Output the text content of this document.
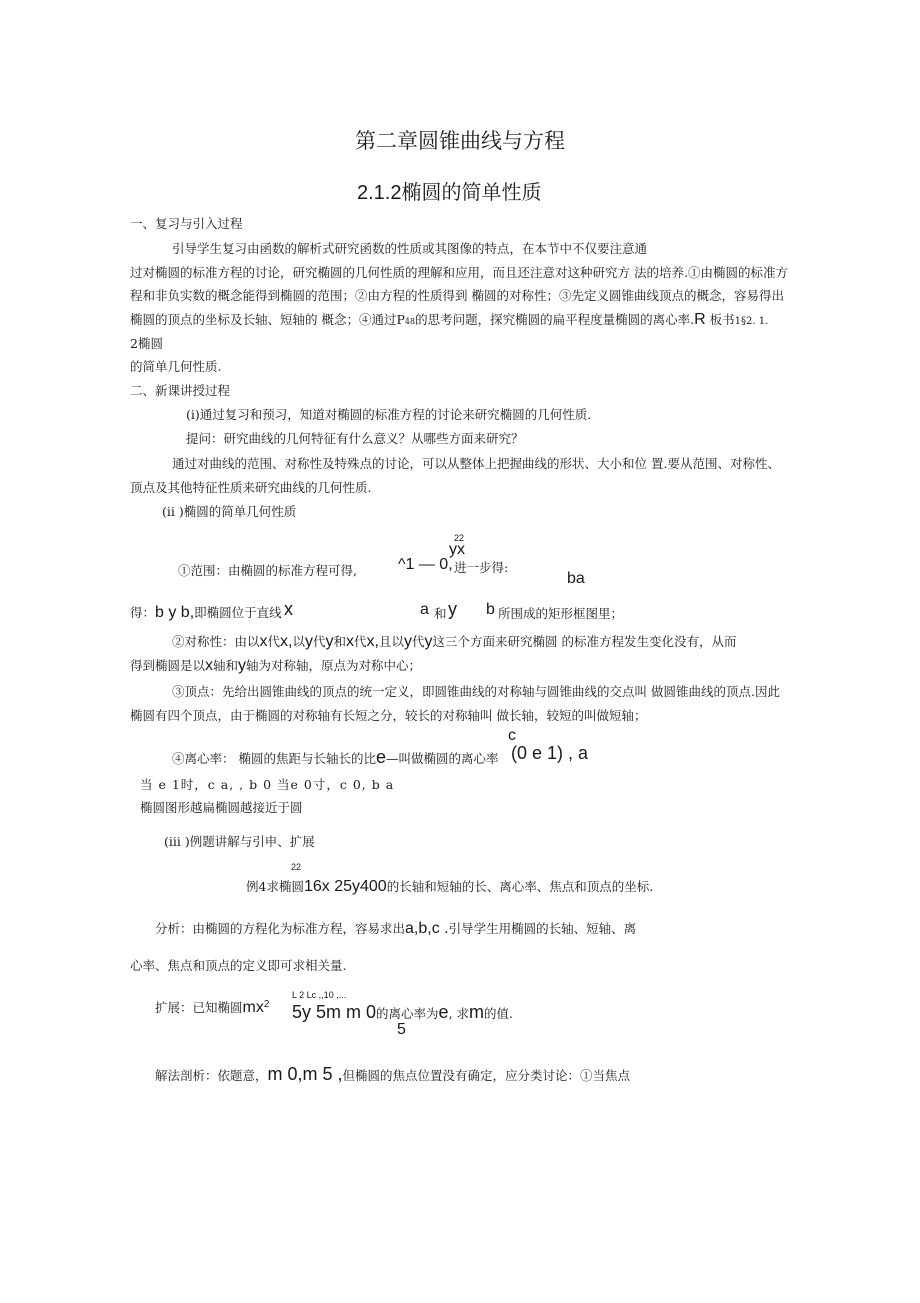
第二章圆锥曲线与方程
2.1.2椭圆的简单性质
一、复习与引入过程
引导学生复习由函数的解析式研究函数的性质或其图像的特点，在本节中不仅要注意通
过对椭圆的标准方程的讨论，研究椭圆的几何性质的理解和应用，而且还注意对这种研究方 法的培养.①由椭圆的标准方
程和非负实数的概念能得到椭圆的范围；②由方程的性质得到 椭圆的对称性；③先定义圆锥曲线顶点的概念，容易得出
椭圆的顶点的坐标及长轴、短轴的 概念；④通过P48的思考问题，探究椭圆的扁平程度量椭圆的离心率.R 板书1§2. 1.
2椭圆
的简单几何性质.
二、新课讲授过程
(i)通过复习和预习，知道对椭圆的标准方程的讨论来研究椭圆的几何性质.
提问：研究曲线的几何特征有什么意义？从哪些方面来研究？
通过对曲线的范围、对称性及特殊点的讨论，可以从整体上把握曲线的形状、大小和位 置.要从范围、对称性、
顶点及其他特征性质来研究曲线的几何性质.
(ii )椭圆的简单几何性质
22
yx
①范围：由椭圆的标准方程可得,	^1 — 0, 进一步得:
ba
得：b y b,即椭圆位于直线 x	a 和 y b 所围成的矩形框图里；
②对称性：由以x代x,以y代y和x代x,且以y代y这三个方面来研究椭圆 的标准方程发生变化没有，从而
得到椭圆是以x轴和y轴为对称轴，原点为对称中心；
③顶点：先给出圆锥曲线的顶点的统一定义，即圆锥曲线的对称轴与圆锥曲线的交点叫 做圆锥曲线的顶点.因此
椭圆有四个顶点，由于椭圆的对称轴有长短之分，较长的对称轴叫 做长轴，较短的叫做短轴；
c
④离心率： 椭圆的焦距与长轴长的比e—叫做椭圆的离心率 (0 e 1) , a
当 e 1时，c a, , b 0 当e 0寸，c 0, b a
椭圆图形越扁椭圆越接近于圆
(iii )例题讲解与引申、扩展
22
例4求椭圆16x 25y400的长轴和短轴的长、离心率、焦点和顶点的坐标.
分析：由椭圆的方程化为标准方程，容易求出a,b,c .引导学生用椭圆的长轴、短轴、离
心率、焦点和顶点的定义即可求相关量.
L 2 Lc ,,10 ,...
扩展：已知椭圆$mx^2$ 5y 5m m 0的离心率为e, 求m的值.
5
解法剖析：依题意，m 0,m 5 ,但椭圆的焦点位置没有确定，应分类讨论：①当焦点
